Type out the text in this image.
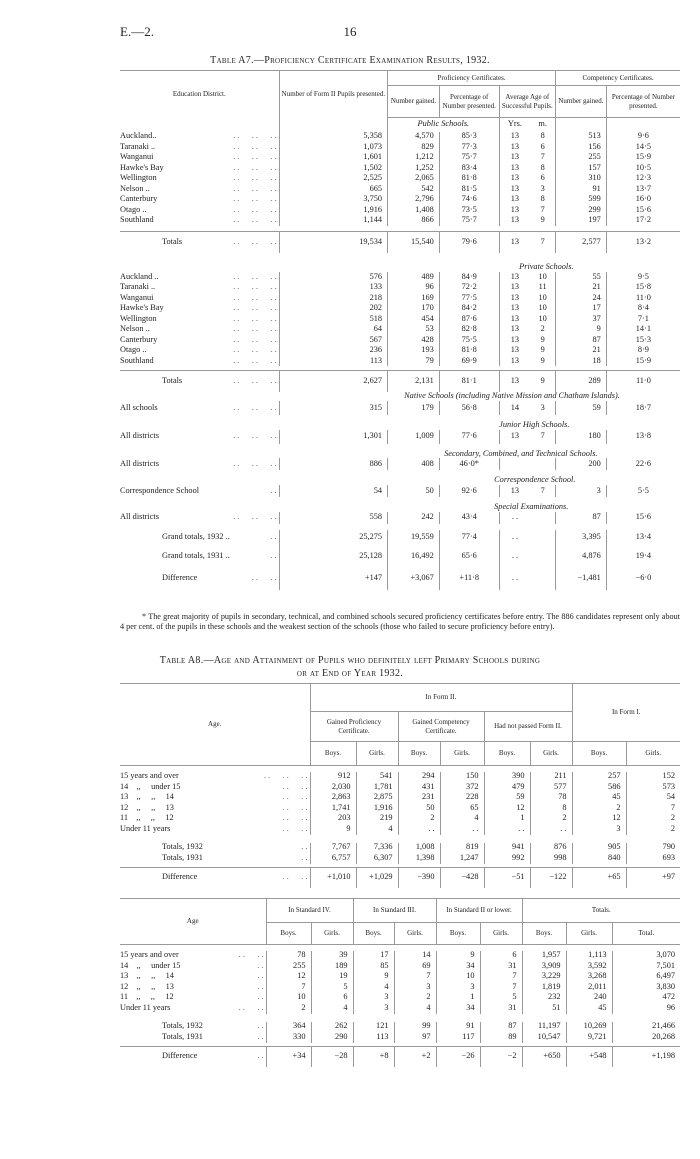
E.—2.	16
Table A7.—Proficiency Certificate Examination Results, 1932.
Education District.	Number of Form II Pupils presented.	Proficiency Certificates.				Competency Certificates.	
		Number gained.	Percentage of Number presented.	Average Age of Successful Pupils.		Number gained.	Percentage of Number presented.
		Public Schools.		Yrs.	m.		
Auckland.. . .      . .      . .	5,358	4,570	85·3	13	8	513	9·6
Taranaki .. . .      . .      . .	1,073	829	77·3	13	6	156	14·5
Wanganui . .      . .      . .	1,601	1,212	75·7	13	7	255	15·9
Hawke's Bay . .      . .      . .	1,502	1,252	83·4	13	8	157	10·5
Wellington . .      . .      . .	2,525	2,065	81·8	13	6	310	12·3
Nelson .. . .      . .      . .	665	542	81·5	13	3	91	13·7
Canterbury . .      . .      . .	3,750	2,796	74·6	13	8	599	16·0
Otago .. . .      . .      . .	1,916	1,408	73·5	13	7	299	15·6
Southland . .      . .      . .	1,144	866	75·7	13	9	197	17·2

Totals . .      . .      . .	19,534	15,540	79·6	13	7	2,577	13·2

	Private Schools.						
Auckland .. . .      . .      . .	576	489	84·9	13	10	55	9·5
Taranaki .. . .      . .      . .	133	96	72·2	13	11	21	15·8
Wanganui . .      . .      . .	218	169	77·5	13	10	24	11·0
Hawke's Bay . .      . .      . .	202	170	84·2	13	10	17	8·4
Wellington . .      . .      . .	518	454	87·6	13	10	37	7·1
Nelson .. . .      . .      . .	64	53	82·8	13	2	9	14·1
Canterbury . .      . .      . .	567	428	75·5	13	9	87	15·3
Otago .. . .      . .      . .	236	193	81·8	13	9	21	8·9
Southland . .      . .      . .	113	79	69·9	13	9	18	15·9

Totals . .      . .      . .	2,627	2,131	81·1	13	9	289	11·0
	Native Schools (including Native Mission and Chatham Islands).						
All schools . .      . .      . .	315	179	56·8	14	3	59	18·7

	Junior High Schools.						
All districts . .      . .      . .	1,301	1,009	77·6	13	7	180	13·8

	Secondary, Combined, and Technical Schools.						
All districts . .      . .      . .	886	408	46·0*			200	22·6

	Correspondence School.						
Correspondence School . .	54	50	92·6	13	7	3	5·5

	Special Examinations.						
All districts . .      . .      . .	558	242	43·4	. .		87	15·6

Grand totals, 1932 .. . .	25,275	19,559	77·4	. .		3,395	13·4
Grand totals, 1931 .. . .	25,128	16,492	65·6	. .		4,876	19·4
Difference . .      . .	+147	+3,067	+11·8	. .		−1,481	−6·0
* The great majority of pupils in secondary, technical, and combined schools secured proficiency certificates before entry. The 886 candidates represent only about 4 per cent. of the pupils in these schools and the weakest section of the schools (those who failed to secure proficiency before entry).
Table A8.—Age and Attainment of Pupils who definitely left Primary Schools during
or at End of Year 1932.
Age.	In Form II.						In Form I.	
	Gained Proficiency Certificate.		Gained Competency Certificate.		Had not passed Form II.			
	Boys.	Girls.	Boys.	Girls.	Boys.	Girls.	Boys.	Girls.

15 years and over . .      . .      . .	912	541	294	150	390	211	257	152
14    ,,     under 15 . .      . .	2,030	1,781	431	372	479	577	586	573
13    ,,     ,,     14 . .      . .	2,863	2,875	231	228	59	78	45	54
12    ,,     ,,     13 . .      . .	1,741	1,916	50	65	12	8	2	7
11    ,,     ,,     12 . .      . .	203	219	2	4	1	2	12	2
Under 11 years . .      . .	9	4	. .	. .	. .	. .	3	2

Totals, 1932 . .	7,767	7,336	1,008	819	941	876	905	790
Totals, 1931 . .	6,757	6,307	1,398	1,247	992	998	840	693

Difference . .      . .	+1,010	+1,029	−390	−428	−51	−122	+65	+97
Age	In Standard IV.		In Standard III.		In Standard II or lower.		Totals.		
	Boys.	Girls.	Boys.	Girls.	Boys.	Girls.	Boys.	Girls.	Total.

15 years and over . .      . .	78	39	17	14	9	6	1,957	1,113	3,070
14    ,,     under 15 . .	255	189	85	69	34	31	3,909	3,592	7,501
13    ,,     ,,     14 . .	12	19	9	7	10	7	3,229	3,268	6,497
12    ,,     ,,     13 . .	7	5	4	3	3	7	1,819	2,011	3,830
11    ,,     ,,     12 . .	10	6	3	2	1	5	232	240	472
Under 11 years . .      . .	2	4	3	4	34	31	51	45	96

Totals, 1932 . .	364	262	121	99	91	87	11,197	10,269	21,466
Totals, 1931 . .	330	290	113	97	117	89	10,547	9,721	20,268

Difference . .	+34	−28	+8	+2	−26	−2	+650	+548	+1,198
